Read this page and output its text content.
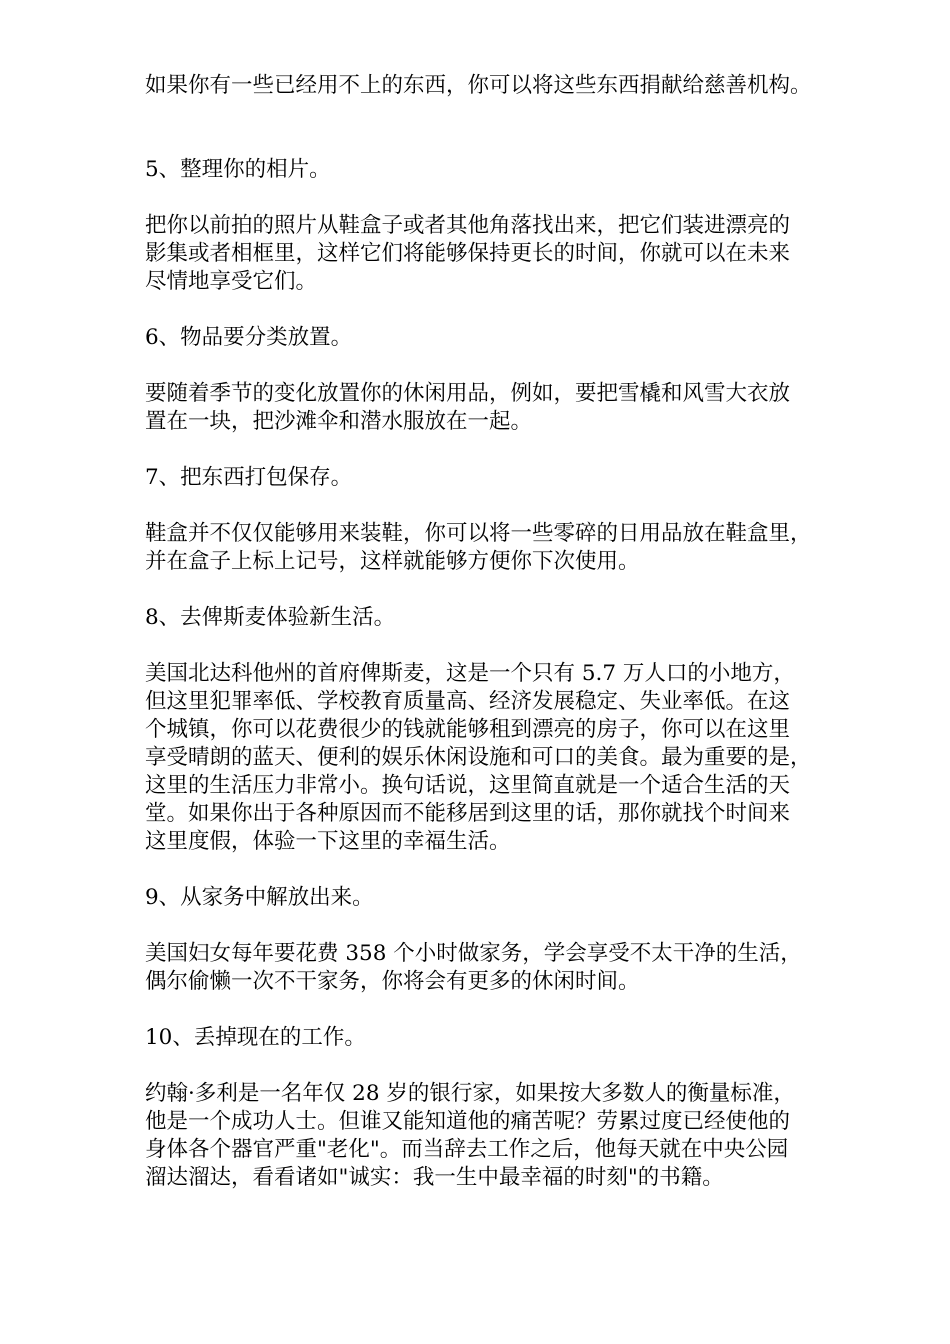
如果你有一些已经用不上的东西，你可以将这些东西捐献给慈善机构。
5、整理你的相片。
把你以前拍的照片从鞋盒子或者其他角落找出来，把它们装进漂亮的
影集或者相框里，这样它们将能够保持更长的时间，你就可以在未来
尽情地享受它们。
6、物品要分类放置。
要随着季节的变化放置你的休闲用品，例如，要把雪橇和风雪大衣放
置在一块，把沙滩伞和潜水服放在一起。
7、把东西打包保存。
鞋盒并不仅仅能够用来装鞋，你可以将一些零碎的日用品放在鞋盒里，
并在盒子上标上记号，这样就能够方便你下次使用。
8、去俾斯麦体验新生活。
美国北达科他州的首府俾斯麦，这是一个只有 5.7 万人口的小地方，
但这里犯罪率低、学校教育质量高、经济发展稳定、失业率低。在这
个城镇，你可以花费很少的钱就能够租到漂亮的房子，你可以在这里
享受晴朗的蓝天、便利的娱乐休闲设施和可口的美食。最为重要的是，
这里的生活压力非常小。换句话说，这里简直就是一个适合生活的天
堂。如果你出于各种原因而不能移居到这里的话，那你就找个时间来
这里度假，体验一下这里的幸福生活。
9、从家务中解放出来。
美国妇女每年要花费 358 个小时做家务，学会享受不太干净的生活，
偶尔偷懒一次不干家务，你将会有更多的休闲时间。
10、丢掉现在的工作。
约翰·多利是一名年仅 28 岁的银行家，如果按大多数人的衡量标准，
他是一个成功人士。但谁又能知道他的痛苦呢？劳累过度已经使他的
身体各个器官严重"老化"。而当辞去工作之后，他每天就在中央公园
溜达溜达，看看诸如"诚实：我一生中最幸福的时刻"的书籍。
